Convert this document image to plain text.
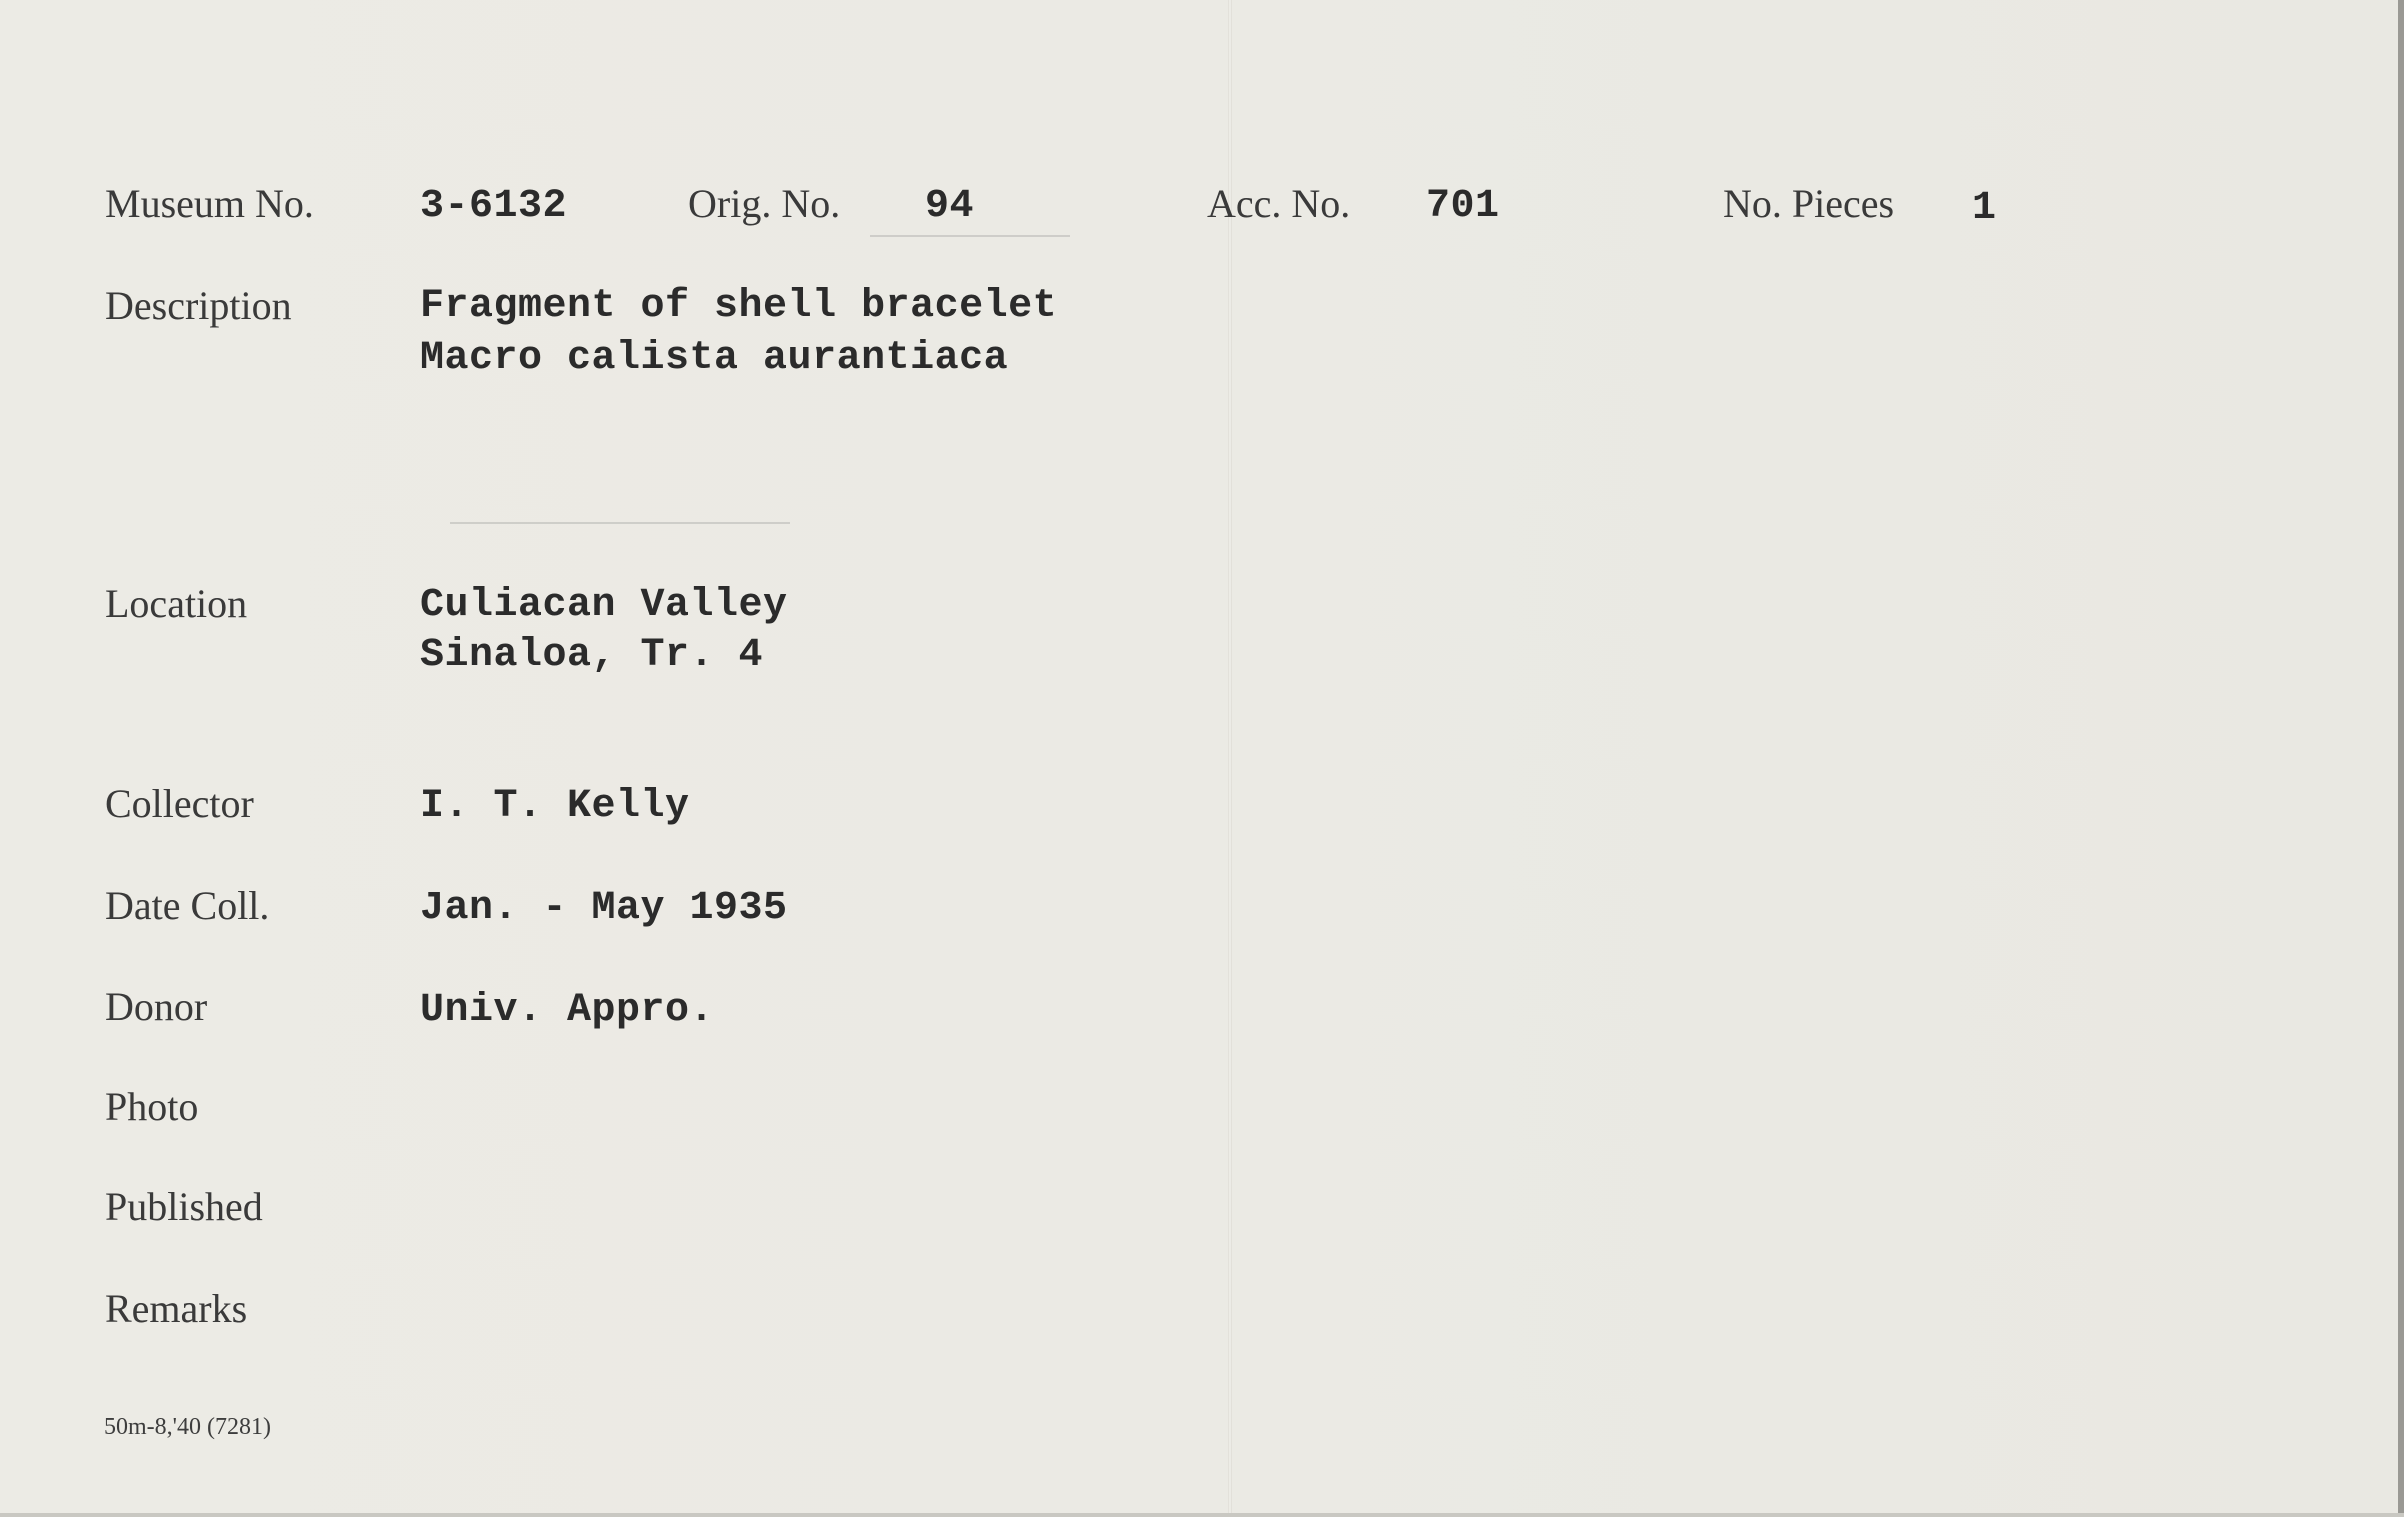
Museum No.	3-6132	Orig. No. 94	Acc. No. 701	No. Pieces 1
Description	Fragment of shell bracelet
Macro calista aurantiaca
Location	Culiacan Valley
Sinaloa, Tr. 4
Collector	I. T. Kelly
Date Coll.	Jan. - May 1935
Donor	Univ. Appro.
Photo
Published
Remarks
50m-8,'40 (7281)
